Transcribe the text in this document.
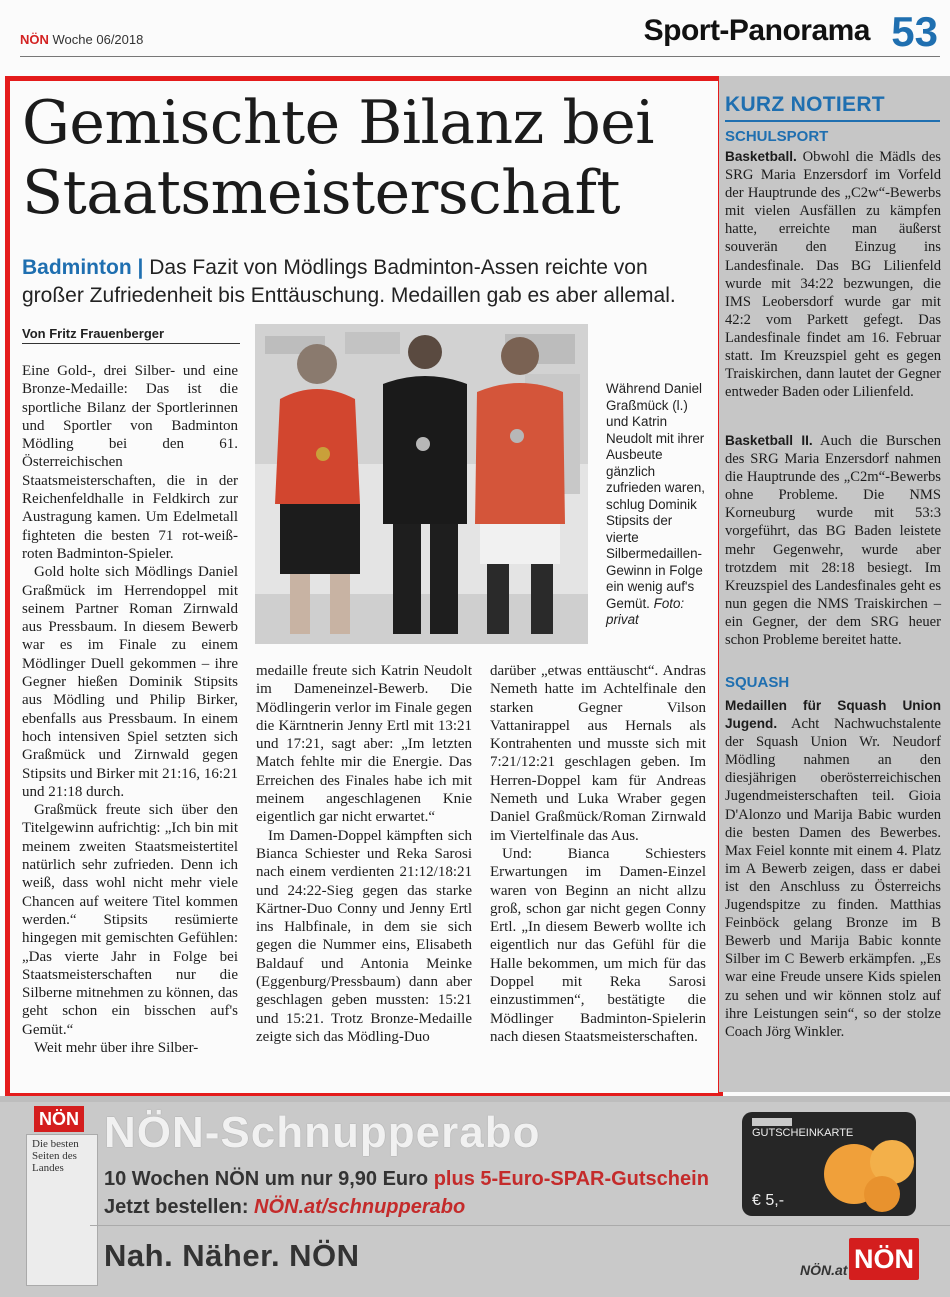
NÖN Woche 06/2018	Sport-Panorama 53
Gemischte Bilanz bei
Staatsmeisterschaft
Badminton | Das Fazit von Mödlings Badminton-Assen reichte von großer Zufriedenheit bis Enttäuschung. Medaillen gab es aber allemal.
Von Fritz Frauenberger

Eine Gold-, drei Silber- und eine Bronze-Medaille: Das ist die sportliche Bilanz der Sportlerinnen und Sportler von Badminton Mödling bei den 61. Österreichischen Staatsmeisterschaften, die in der Reichenfeldhalle in Feldkirch zur Austragung kamen. Um Edelmetall fighteten die besten 71 rot-weiß-roten Badminton-Spieler.

Gold holte sich Mödlings Daniel Graßmück im Herrendoppel mit seinem Partner Roman Zirnwald aus Pressbaum. In diesem Bewerb war es im Finale zu einem Mödlinger Duell gekommen – ihre Gegner hießen Dominik Stipsits aus Mödling und Philip Birker, ebenfalls aus Pressbaum. In einem hoch intensiven Spiel setzten sich Graßmück und Zirnwald gegen Stipsits und Birker mit 21:16, 16:21 und 21:18 durch.

Graßmück freute sich über den Titelgewinn aufrichtig: „Ich bin mit meinem zweiten Staatsmeistertitel natürlich sehr zufrieden. Denn ich weiß, dass wohl nicht mehr viele Chancen auf weitere Titel kommen werden.“ Stipsits resümierte hingegen mit gemischten Gefühlen: „Das vierte Jahr in Folge bei Staatsmeisterschaften nur die Silberne mitnehmen zu können, das geht schon ein bisschen auf's Gemüt.“

Weit mehr über ihre Silber-

Während Daniel Graßmück (l.) und Katrin Neudolt mit ihrer Ausbeute gänzlich zufrieden waren, schlug Dominik Stipsits der vierte Silbermedaillen-Gewinn in Folge ein wenig auf's Gemüt. Foto: privat

medaille freute sich Katrin Neudolt im Dameneinzel-Bewerb. Die Mödlingerin verlor im Finale gegen die Kärntnerin Jenny Ertl mit 13:21 und 17:21, sagt aber: „Im letzten Match fehlte mir die Energie. Das Erreichen des Finales habe ich mit meinem angeschlagenen Knie eigentlich gar nicht erwartet.“

Im Damen-Doppel kämpften sich Bianca Schiester und Reka Sarosi nach einem verdienten 21:12/18:21 und 24:22-Sieg gegen das starke Kärtner-Duo Conny und Jenny Ertl ins Halbfinale, in dem sie sich gegen die Nummer eins, Elisabeth Baldauf und Antonia Meinke (Eggenburg/Pressbaum) dann aber geschlagen geben mussten: 15:21 und 15:21. Trotz Bronze-Medaille zeigte sich das Mödling-Duo

darüber „etwas enttäuscht“. Andras Nemeth hatte im Achtelfinale den starken Gegner Vilson Vattanirappel aus Hernals als Kontrahenten und musste sich mit 7:21/12:21 geschlagen geben. Im Herren-Doppel kam für Andreas Nemeth und Luka Wraber gegen Daniel Graßmück/Roman Zirnwald im Viertelfinale das Aus.

Und: Bianca Schiesters Erwartungen im Damen-Einzel waren von Beginn an nicht allzu groß, schon gar nicht gegen Conny Ertl. „In diesem Bewerb wollte ich eigentlich nur das Gefühl für die Halle bekommen, um mich für das Doppel mit Reka Sarosi einzustimmen“, bestätigte die Mödlinger Badminton-Spielerin nach diesen Staatsmeisterschaften.

KURZ NOTIERT
SCHULSPORT

Basketball. Obwohl die Mädls des SRG Maria Enzersdorf im Vorfeld der Hauptrunde des „C2w“-Bewerbs mit vielen Ausfällen zu kämpfen hatte, erreichte man äußerst souverän den Einzug ins Landesfinale. Das BG Lilienfeld wurde mit 34:22 bezwungen, die IMS Leobersdorf wurde gar mit 42:2 vom Parkett gefegt. Das Landesfinale findet am 16. Februar statt. Im Kreuzspiel geht es gegen Traiskirchen, dann lautet der Gegner entweder Baden oder Lilienfeld.

Basketball II. Auch die Burschen des SRG Maria Enzersdorf nahmen die Hauptrunde des „C2m“-Bewerbs ohne Probleme. Die NMS Korneuburg wurde mit 53:3 vorgeführt, das BG Baden leistete mehr Gegenwehr, wurde aber trotzdem mit 28:18 besiegt. Im Kreuzspiel des Landesfinales geht es nun gegen die NMS Traiskirchen – ein Gegner, der dem SRG heuer schon Probleme bereitet hatte.

SQUASH

Medaillen für Squash Union Jugend. Acht Nachwuchstalente der Squash Union Wr. Neudorf Mödling nahmen an den diesjährigen oberösterreichischen Jugendmeisterschaften teil. Gioia D'Alonzo und Marija Babic wurden die besten Damen des Bewerbes. Max Feiel konnte mit einem 4. Platz im A Bewerb zeigen, dass er dabei ist den Anschluss zu Österreichs Jugendspitze zu finden. Matthias Feinböck gelang Bronze im B Bewerb und Marija Babic konnte Silber im C Bewerb erkämpfen. „Es war eine Freude unsere Kids spielen zu sehen und wir können stolz auf ihre Leistungen sein“, so der stolze Coach Jörg Winkler.

NÖN
Die besten Seiten des Landes
NÖN-Schnupperabo
10 Wochen NÖN um nur 9,90 Euro plus 5-Euro-SPAR-Gutschein
Jetzt bestellen: NÖN.at/schnupperabo
Nah. Näher. NÖN
GUTSCHEINKARTE
€ 5,-
NÖN.at NÖN
